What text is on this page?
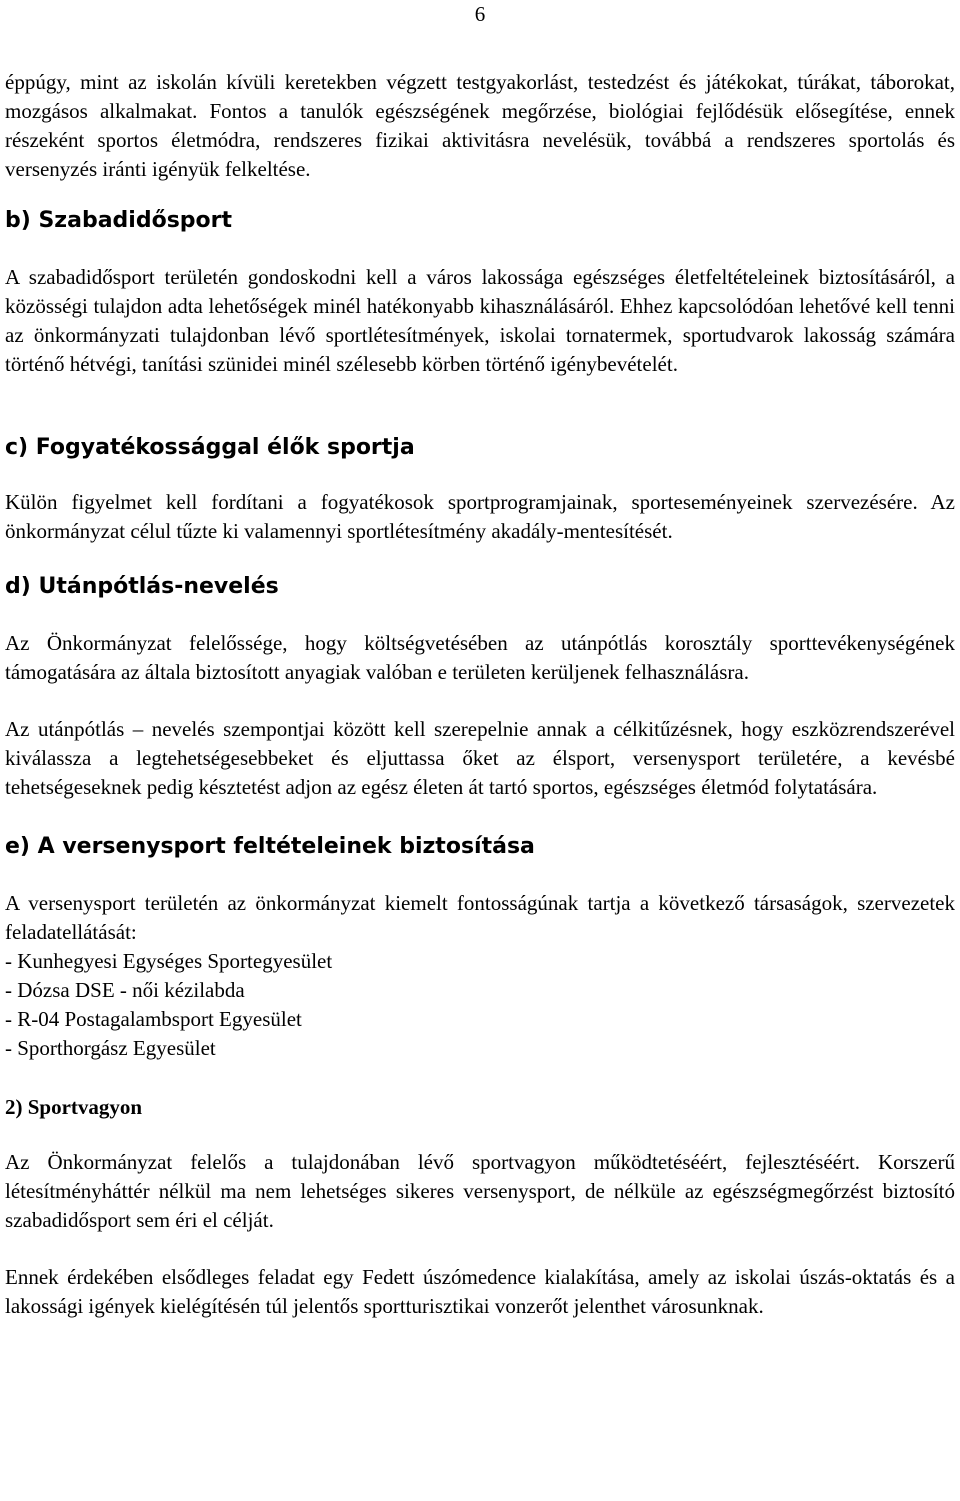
6

éppúgy, mint az iskolán kívüli keretekben végzett testgyakorlást, testedzést és játékokat, túrákat, táborokat, mozgásos alkalmakat. Fontos a tanulók egészségének megőrzése, biológiai fejlődésük elősegítése, ennek részeként sportos életmódra, rendszeres fizikai aktivitásra nevelésük, továbbá a rendszeres sportolás és versenyzés iránti igényük felkeltése.

b) Szabadidősport

A szabadidősport területén gondoskodni kell a város lakossága egészséges életfeltételeinek biztosításáról, a közösségi tulajdon adta lehetőségek minél hatékonyabb kihasználásáról. Ehhez kapcsolódóan lehetővé kell tenni az önkormányzati tulajdonban lévő sportlétesítmények, iskolai tornatermek, sportudvarok lakosság számára történő hétvégi, tanítási szünidei minél szélesebb körben történő igénybevételét.

c) Fogyatékossággal élők sportja

Külön figyelmet kell fordítani a fogyatékosok sportprogramjainak, sporteseményeinek szervezésére. Az önkormányzat célul tűzte ki valamennyi sportlétesítmény akadály-mentesítését.

d) Utánpótlás-nevelés

Az Önkormányzat felelőssége, hogy költségvetésében az utánpótlás korosztály sporttevékenységének támogatására az általa biztosított anyagiak valóban e területen kerüljenek felhasználásra.

Az utánpótlás – nevelés szempontjai között kell szerepelnie annak a célkitűzésnek, hogy eszközrendszerével kiválassza a legtehetségesebbeket és eljuttassa őket az élsport, versenysport területére, a kevésbé tehetségeseknek pedig késztetést adjon az egész életen át tartó sportos, egészséges életmód folytatására.

e) A versenysport feltételeinek biztosítása

A versenysport területén az önkormányzat kiemelt fontosságúnak tartja a következő társaságok, szervezetek feladatellátását:

- Kunhegyesi Egységes Sportegyesület
- Dózsa DSE - női kézilabda
- R-04 Postagalambsport Egyesület
- Sporthorgász Egyesület
2) Sportvagyon

Az Önkormányzat felelős a tulajdonában lévő sportvagyon működtetéséért, fejlesztéséért. Korszerű létesítményháttér nélkül ma nem lehetséges sikeres versenysport, de nélküle az egészségmegőrzést biztosító szabadidősport sem éri el célját.

Ennek érdekében elsődleges feladat egy Fedett úszómedence kialakítása, amely az iskolai úszás-oktatás és a lakossági igények kielégítésén túl jelentős sportturisztikai vonzerőt jelenthet városunknak.
